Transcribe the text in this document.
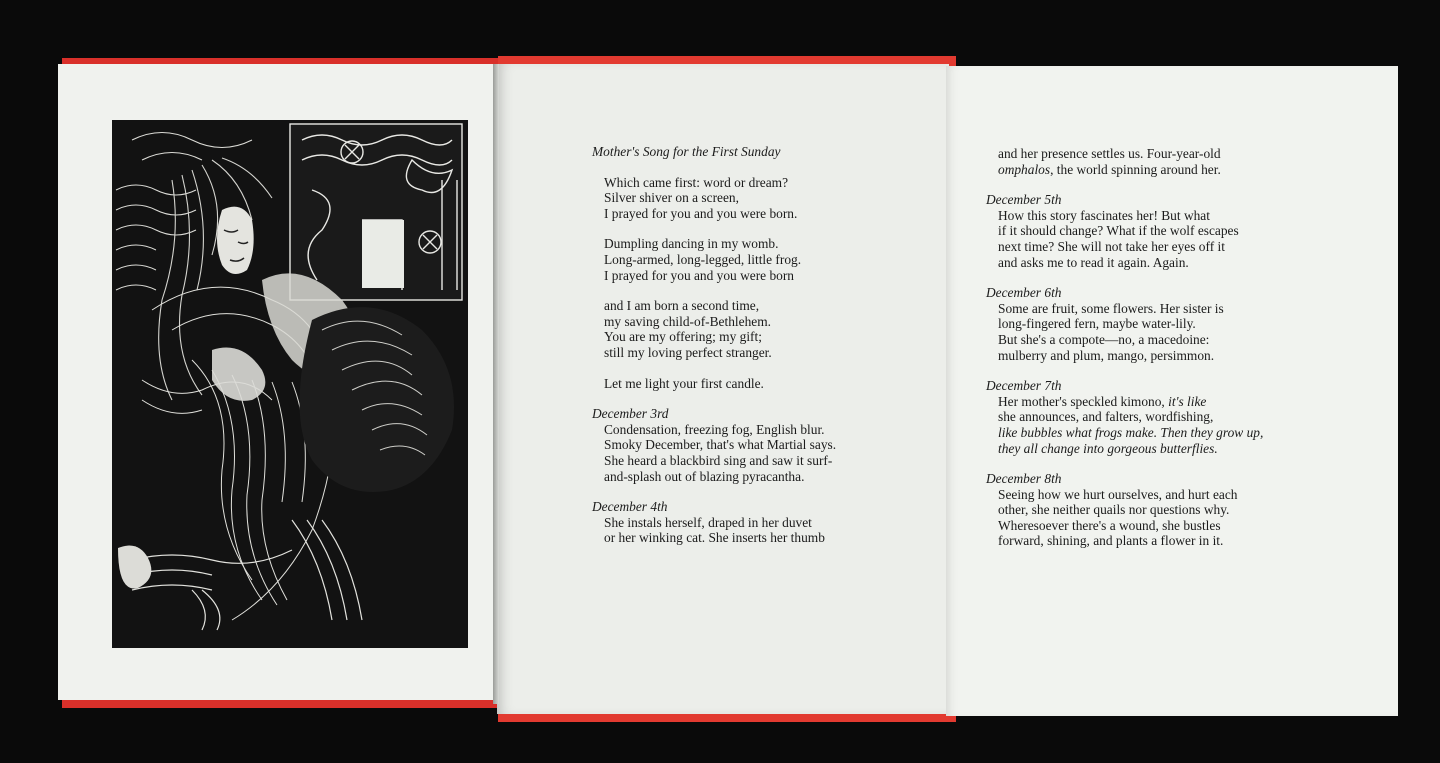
Mother's Song for the First Sunday
Which came first: word or dream?
Silver shiver on a screen,
I prayed for you and you were born.
Dumpling dancing in my womb.
Long-armed, long-legged, little frog.
I prayed for you and you were born
and I am born a second time,
my saving child-of-Bethlehem.
You are my offering; my gift;
still my loving perfect stranger.
Let me light your first candle.
December 3rd
Condensation, freezing fog, English blur.
Smoky December, that's what Martial says.
She heard a blackbird sing and saw it surf-
and-splash out of blazing pyracantha.
December 4th
She instals herself, draped in her duvet
or her winking cat. She inserts her thumb
and her presence settles us. Four-year-old
omphalos, the world spinning around her.
December 5th
How this story fascinates her! But what
if it should change? What if the wolf escapes
next time? She will not take her eyes off it
and asks me to read it again. Again.
December 6th
Some are fruit, some flowers. Her sister is
long-fingered fern, maybe water-lily.
But she's a compote—no, a macedoine:
mulberry and plum, mango, persimmon.
December 7th
Her mother's speckled kimono, it's like
she announces, and falters, wordfishing,
like bubbles what frogs make. Then they grow up,
they all change into gorgeous butterflies.
December 8th
Seeing how we hurt ourselves, and hurt each
other, she neither quails nor questions why.
Wheresoever there's a wound, she bustles
forward, shining, and plants a flower in it.
